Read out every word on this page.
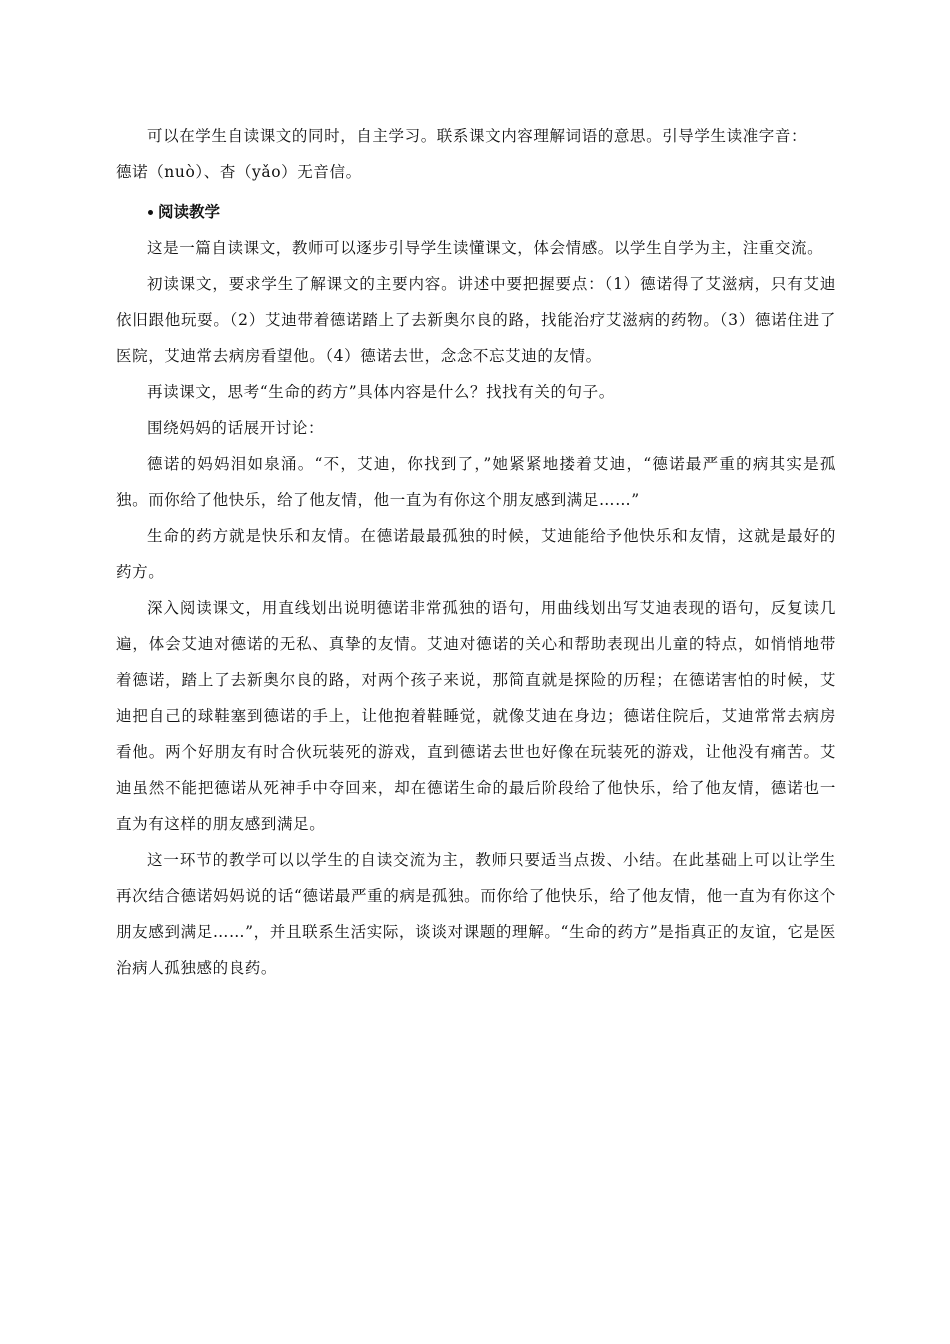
可以在学生自读课文的同时，自主学习。联系课文内容理解词语的意思。引导学生读准字音：

德诺（nuò）、杳（yǎo）无音信。

阅读教学

这是一篇自读课文，教师可以逐步引导学生读懂课文，体会情感。以学生自学为主，注重交流。

初读课文，要求学生了解课文的主要内容。讲述中要把握要点：（1）德诺得了艾滋病，只有艾迪依旧跟他玩耍。（2）艾迪带着德诺踏上了去新奥尔良的路，找能治疗艾滋病的药物。（3）德诺住进了医院，艾迪常去病房看望他。（4）德诺去世，念念不忘艾迪的友情。

再读课文，思考“生命的药方”具体内容是什么？找找有关的句子。

围绕妈妈的话展开讨论：

德诺的妈妈泪如泉涌。“不，艾迪，你找到了，”她紧紧地搂着艾迪，“德诺最严重的病其实是孤独。而你给了他快乐，给了他友情，他一直为有你这个朋友感到满足……”

生命的药方就是快乐和友情。在德诺最最孤独的时候，艾迪能给予他快乐和友情，这就是最好的药方。

深入阅读课文，用直线划出说明德诺非常孤独的语句，用曲线划出写艾迪表现的语句，反复读几遍，体会艾迪对德诺的无私、真挚的友情。艾迪对德诺的关心和帮助表现出儿童的特点，如悄悄地带着德诺，踏上了去新奥尔良的路，对两个孩子来说，那简直就是探险的历程；在德诺害怕的时候，艾迪把自己的球鞋塞到德诺的手上，让他抱着鞋睡觉，就像艾迪在身边；德诺住院后，艾迪常常去病房看他。两个好朋友有时合伙玩装死的游戏，直到德诺去世也好像在玩装死的游戏，让他没有痛苦。艾迪虽然不能把德诺从死神手中夺回来，却在德诺生命的最后阶段给了他快乐，给了他友情，德诺也一直为有这样的朋友感到满足。

这一环节的教学可以以学生的自读交流为主，教师只要适当点拨、小结。在此基础上可以让学生再次结合德诺妈妈说的话“德诺最严重的病是孤独。而你给了他快乐，给了他友情，他一直为有你这个朋友感到满足……”，并且联系生活实际，谈谈对课题的理解。“生命的药方”是指真正的友谊，它是医治病人孤独感的良药。
